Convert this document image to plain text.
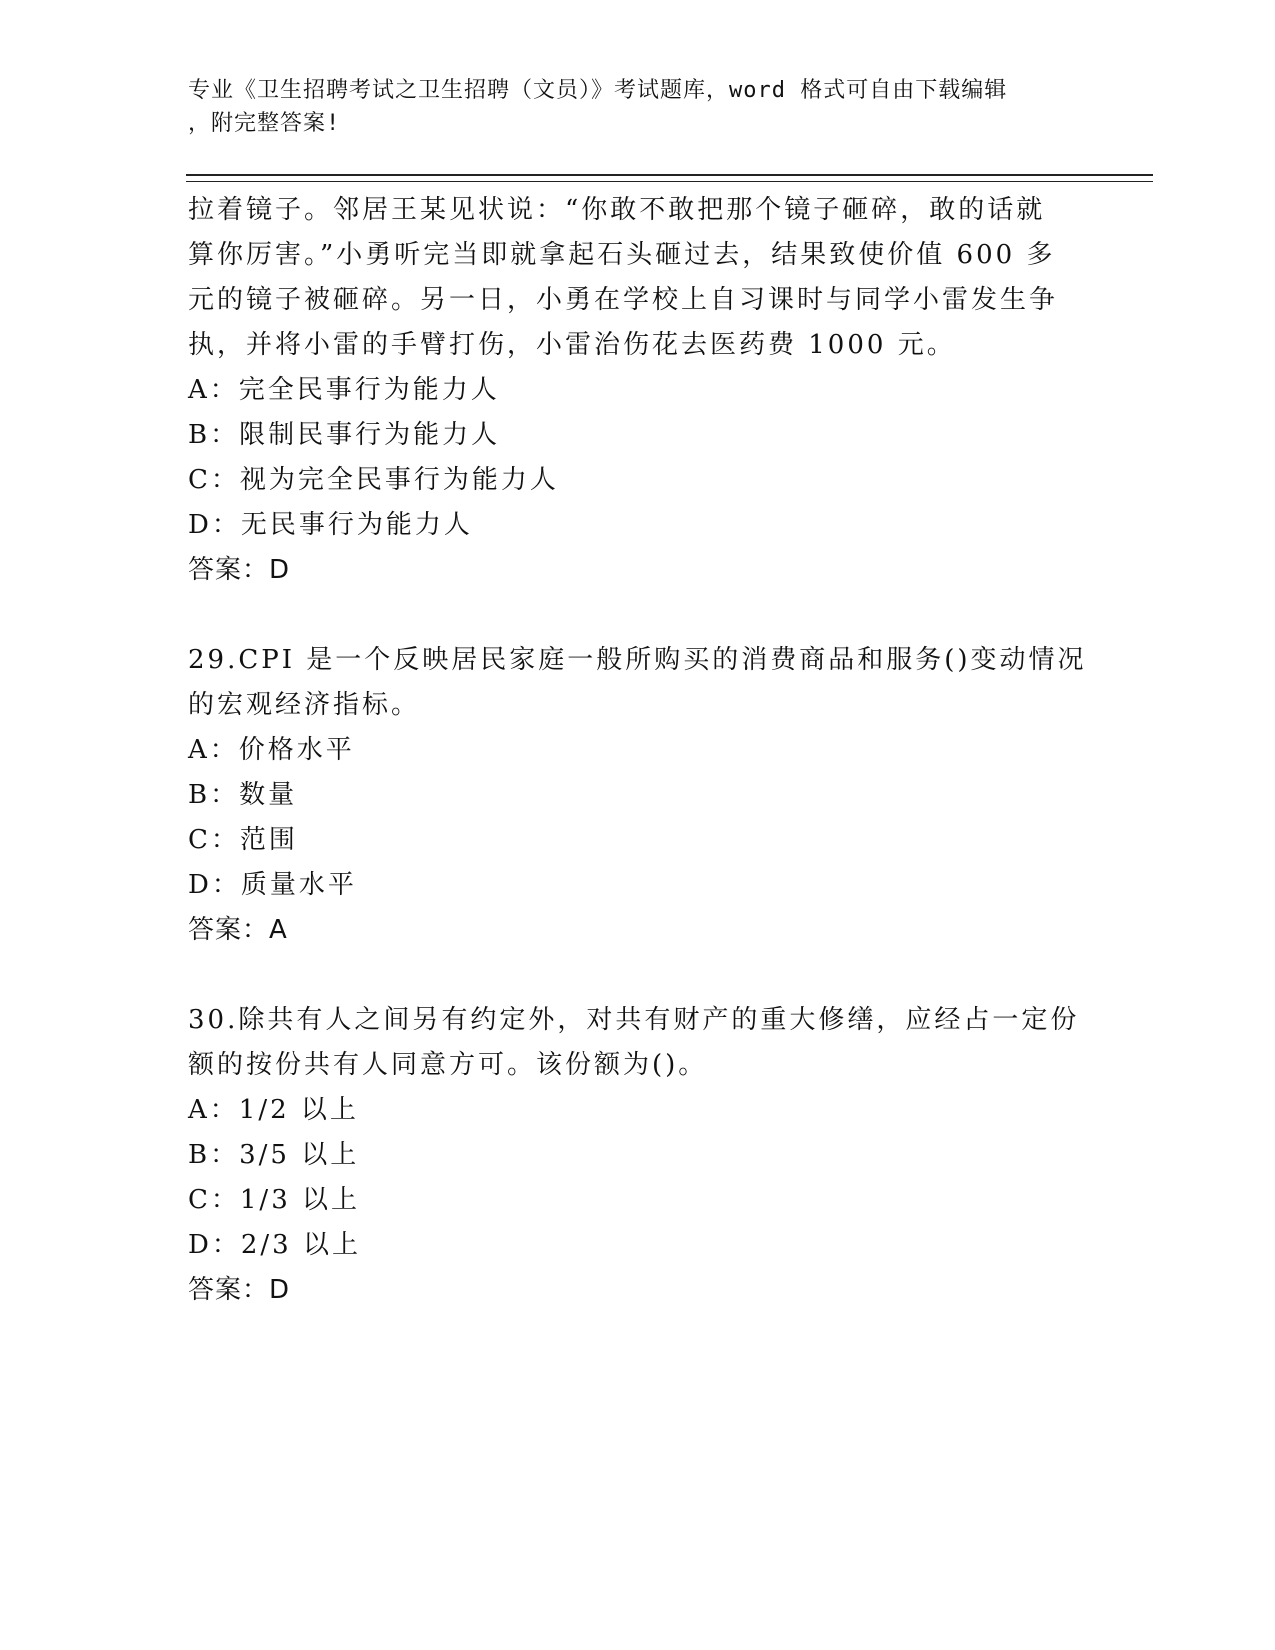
专业《卫生招聘考试之卫生招聘（文员）》考试题库，word 格式可自由下载编辑
，附完整答案!
拉着镜子。邻居王某见状说：“你敢不敢把那个镜子砸碎，敢的话就
算你厉害。”小勇听完当即就拿起石头砸过去，结果致使价值 600 多
元的镜子被砸碎。另一日，小勇在学校上自习课时与同学小雷发生争
执，并将小雷的手臂打伤，小雷治伤花去医药费 1000 元。
A：完全民事行为能力人
B：限制民事行为能力人
C：视为完全民事行为能力人
D：无民事行为能力人
答案：D
29.CPI 是一个反映居民家庭一般所购买的消费商品和服务()变动情况
的宏观经济指标。
A：价格水平
B：数量
C：范围
D：质量水平
答案：A
30.除共有人之间另有约定外，对共有财产的重大修缮，应经占一定份
额的按份共有人同意方可。该份额为()。
A：1/2 以上
B：3/5 以上
C：1/3 以上
D：2/3 以上
答案：D
